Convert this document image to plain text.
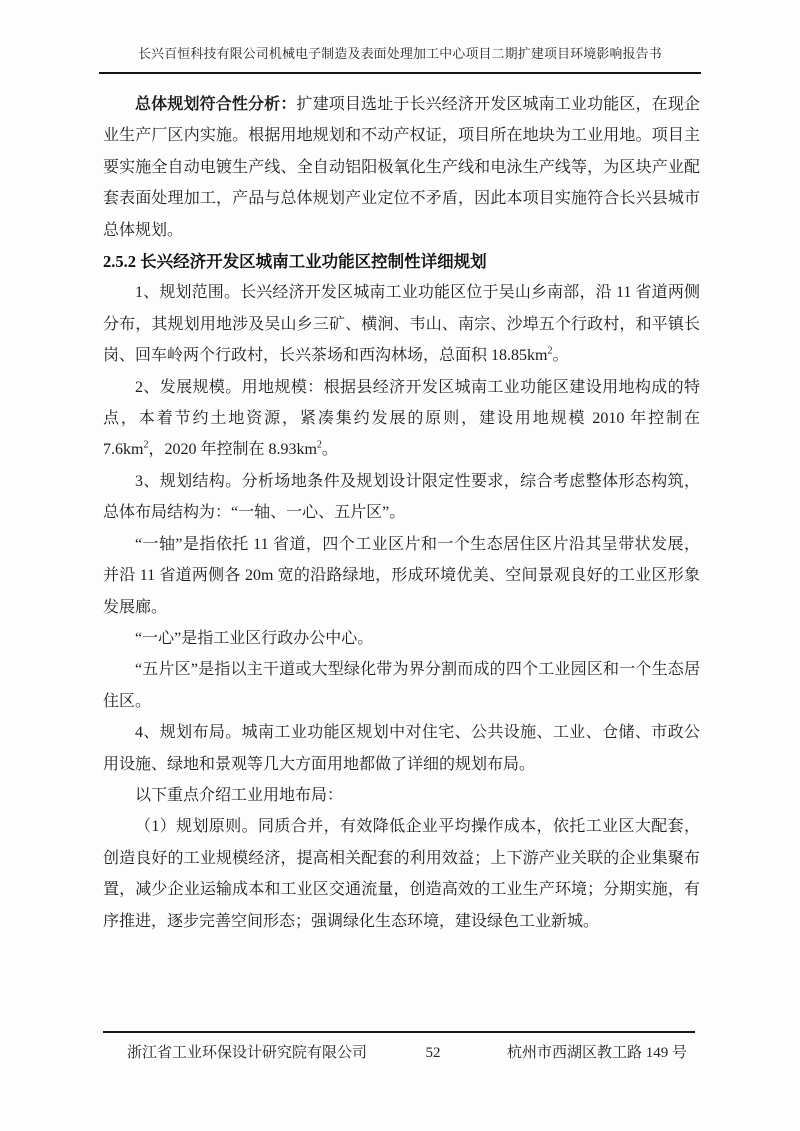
长兴百恒科技有限公司机械电子制造及表面处理加工中心项目二期扩建项目环境影响报告书

总体规划符合性分析：扩建项目选址于长兴经济开发区城南工业功能区，在现企业生产厂区内实施。根据用地规划和不动产权证，项目所在地块为工业用地。项目主要实施全自动电镀生产线、全自动铝阳极氧化生产线和电泳生产线等，为区块产业配套表面处理加工，产品与总体规划产业定位不矛盾，因此本项目实施符合长兴县城市总体规划。

2.5.2 长兴经济开发区城南工业功能区控制性详细规划

1、规划范围。长兴经济开发区城南工业功能区位于吴山乡南部，沿 11 省道两侧分布，其规划用地涉及吴山乡三矿、横涧、韦山、南宗、沙埠五个行政村，和平镇长岗、回车岭两个行政村，长兴茶场和西沟林场，总面积 $18.85km^2$。

2、发展规模。用地规模：根据县经济开发区城南工业功能区建设用地构成的特点，本着节约土地资源，紧凑集约发展的原则，建设用地规模 2010 年控制在 $7.6km^2$，2020 年控制在 $8.93km^2$。

3、规划结构。分析场地条件及规划设计限定性要求，综合考虑整体形态构筑，总体布局结构为：“一轴、一心、五片区”。

“一轴”是指依托 11 省道，四个工业区片和一个生态居住区片沿其呈带状发展，并沿 11 省道两侧各 20m 宽的沿路绿地，形成环境优美、空间景观良好的工业区形象发展廊。

“一心”是指工业区行政办公中心。

“五片区”是指以主干道或大型绿化带为界分割而成的四个工业园区和一个生态居住区。

4、规划布局。城南工业功能区规划中对住宅、公共设施、工业、仓储、市政公用设施、绿地和景观等几大方面用地都做了详细的规划布局。

以下重点介绍工业用地布局：

（1）规划原则。同质合并，有效降低企业平均操作成本，依托工业区大配套，创造良好的工业规模经济，提高相关配套的利用效益；上下游产业关联的企业集聚布置，减少企业运输成本和工业区交通流量，创造高效的工业生产环境；分期实施，有序推进，逐步完善空间形态；强调绿化生态环境，建设绿色工业新城。

浙江省工业环保设计研究院有限公司	52	杭州市西湖区教工路 149 号
